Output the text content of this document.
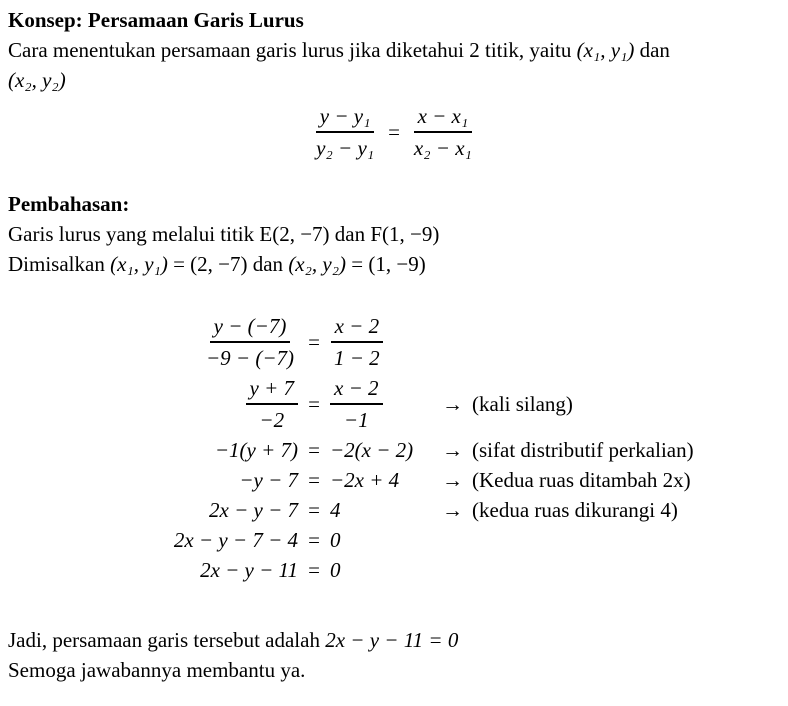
Konsep: Persamaan Garis Lurus
Cara menentukan persamaan garis lurus jika diketahui 2 titik, yaitu (x₁, y₁) dan
(x₂, y₂)
$\frac{\text{y − y₁}}{\text{y₂ − y₁}} = \frac{\text{x − x₁}}{\text{x₂ − x₁}}$
Pembahasan:
Garis lurus yang melalui titik E(2, −7) dan F(1, −9)
Dimisalkan (x₁, y₁) = (2, −7) dan (x₂, y₂) = (1, −9)
$\frac{y - (-7)}{-9 - (-7)} = \frac{x - 2}{1 - 2}$
$\frac{y + 7}{-2} = \frac{x - 2}{-1}$	→ (kali silang)
−1(y + 7) = −2(x − 2)	→ (sifat distributif perkalian)
−y − 7 = −2x + 4	→ (Kedua ruas ditambah 2x)
2x − y − 7 = 4	→ (kedua ruas dikurangi 4)
2x − y − 7 − 4 = 0
2x − y − 11 = 0
Jadi, persamaan garis tersebut adalah 2x − y − 11 = 0
Semoga jawabannya membantu ya.
